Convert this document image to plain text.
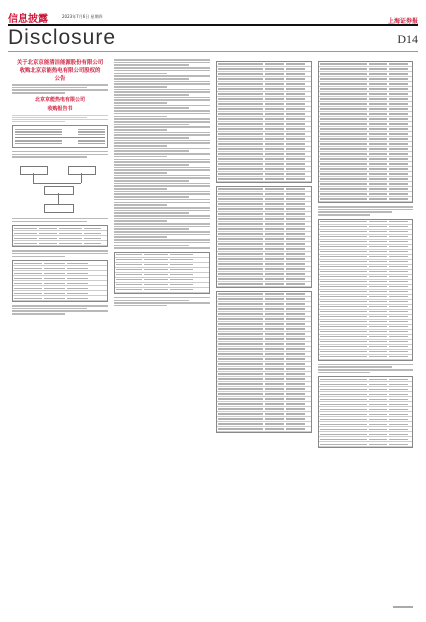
信息披露	2023年7月6日 星期四
上海证券报
Disclosure	D14
关于北京京能清洁能源股份有限公司
收购北京京能热电有限公司股权的
公告
北京京能热电有限公司
收购报告书
